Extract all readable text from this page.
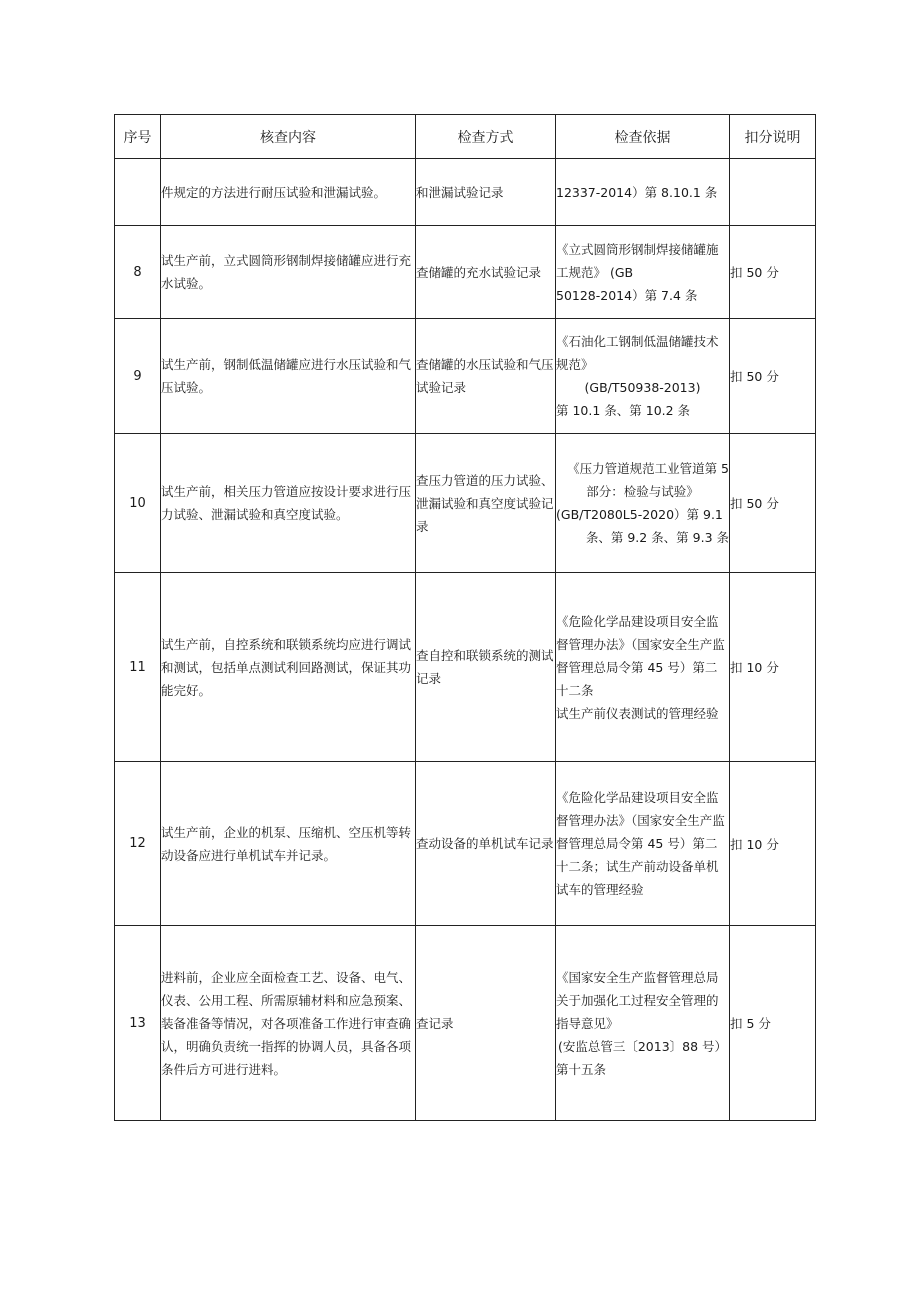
序号	核查内容	检查方式	检查依据	扣分说明
	件规定的方法进行耐压试验和泄漏试验。	和泄漏试验记录	12337-2014）第 8.10.1 条	

8	试生产前，立式圆筒形钢制焊接储罐应进行充水试验。	查储罐的充水试验记录	《立式圆筒形钢制焊接储罐施工规范》 (GB
50128-2014）第 7.4 条	扣 50 分
9	试生产前，钢制低温储罐应进行水压试验和气压试验。	查储罐的水压试验和气压试验记录	《石油化工钢制低温储罐技术规范》
(GB/T50938-2013)
第 10.1 条、第 10.2 条	扣 50 分
10	试生产前，相关压力管道应按设计要求进行压力试验、泄漏试验和真空度试验。	查压力管道的压力试验、泄漏试验和真空度试验记录	《压力管道规范工业管道第 5
部分：检验与试验》
(GB/T2080L5-2020）第 9.1
条、第 9.2 条、第 9.3 条	扣 50 分
11	试生产前，自控系统和联锁系统均应进行调试和测试，包括单点测试利回路测试，保证其功能完好。	查自控和联锁系统的测试记录	《危险化学品建设项目安全监督管理办法》（国家安全生产监督管理总局令第 45 号）第二十二条
试生产前仪表测试的管理经验	扣 10 分
12	试生产前，企业的机泵、压缩机、空压机等转动设备应进行单机试车并记录。	查动设备的单机试车记录	《危险化学品建设项目安全监督管理办法》（国家安全生产监督管理总局令第 45 号）第二十二条；试生产前动设备单机试车的管理经验	扣 10 分
13	进料前，企业应全面检查工艺、设备、电气、仪表、公用工程、所需原辅材料和应急预案、装备准备等情况，对各项准备工作进行审查确认，明确负责统一指挥的协调人员，具备各项条件后方可进行进料。	查记录	《国家安全生产监督管理总局关于加强化工过程安全管理的指导意见》
(安监总管三〔2013〕88 号）
第十五条	扣 5 分
